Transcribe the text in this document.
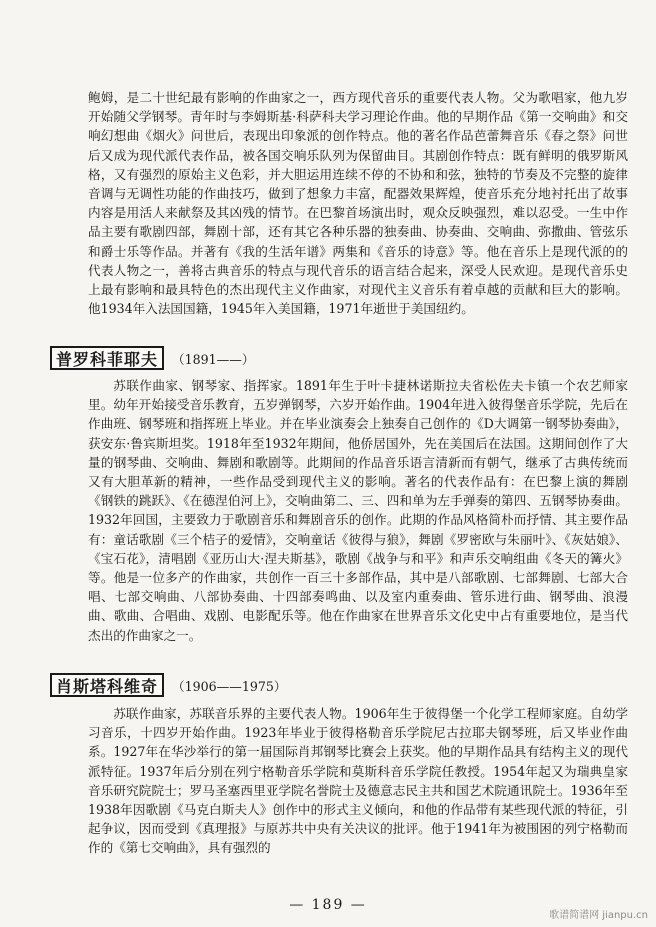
鲍姆，是二十世纪最有影响的作曲家之一，西方现代音乐的重要代表人物。父为歌唱家，他九岁开始随父学钢琴。青年时与李姆斯基·科萨科夫学习理论作曲。他的早期作品《第一交响曲》和交响幻想曲《烟火》问世后，表现出印象派的创作特点。他的著名作品芭蕾舞音乐《春之祭》问世后又成为现代派代表作品，被各国交响乐队列为保留曲目。其剧创作特点：既有鲜明的俄罗斯风格，又有强烈的原始主义色彩，并大胆运用连续不停的不协和和弦，独特的节奏及不完整的旋律音调与无调性功能的作曲技巧，做到了想象力丰富，配器效果辉煌，使音乐充分地衬托出了故事内容是用活人来献祭及其凶残的情节。在巴黎首场演出时，观众反映强烈，难以忍受。一生中作品主要有歌剧四部，舞剧十部，还有其它各种乐器的独奏曲、协奏曲、交响曲、弥撒曲、管弦乐和爵士乐等作品。并著有《我的生活年谱》两集和《音乐的诗意》等。他在音乐上是现代派的的代表人物之一，善将古典音乐的特点与现代音乐的语言结合起来，深受人民欢迎。是现代音乐史上最有影响和最具特色的杰出现代主义作曲家，对现代主义音乐有着卓越的贡献和巨大的影响。他1934年入法国国籍，1945年入美国籍，1971年逝世于美国纽约。

普罗科菲耶夫	（1891——）

苏联作曲家、钢琴家、指挥家。1891年生于叶卡捷林诺斯拉夫省松佐夫卡镇一个农艺师家里。幼年开始接受音乐教育，五岁弹钢琴，六岁开始作曲。1904年进入彼得堡音乐学院，先后在作曲班、钢琴班和指挥班上毕业。并在毕业演奏会上独奏自己创作的《D大调第一钢琴协奏曲》，获安东·鲁宾斯坦奖。1918年至1932年期间，他侨居国外，先在美国后在法国。这期间创作了大量的钢琴曲、交响曲、舞剧和歌剧等。此期间的作品音乐语言清新而有朝气，继承了古典传统而又有大胆革新的精神，一些作品受到现代主义的影响。著名的代表作品有：在巴黎上演的舞剧《钢铁的跳跃》、《在德涅伯河上》，交响曲第二、三、四和单为左手弹奏的第四、五钢琴协奏曲。1932年回国，主要致力于歌剧音乐和舞剧音乐的创作。此期的作品风格简朴而抒情、其主要作品有：童话歌剧《三个桔子的爱情》，交响童话《彼得与狼》，舞剧《罗密欧与朱丽叶》、《灰姑娘》、《宝石花》，清唱剧《亚历山大·涅夫斯基》，歌剧《战争与和平》和声乐交响组曲《冬天的篝火》等。他是一位多产的作曲家，共创作一百三十多部作品，其中是八部歌剧、七部舞剧、七部大合唱、七部交响曲、八部协奏曲、十四部奏鸣曲、以及室内重奏曲、管乐进行曲、钢琴曲、浪漫曲、歌曲、合唱曲、戏剧、电影配乐等。他在作曲家在世界音乐文化史中占有重要地位，是当代杰出的作曲家之一。

肖斯塔科维奇	（1906——1975）

苏联作曲家，苏联音乐界的主要代表人物。1906年生于彼得堡一个化学工程师家庭。自幼学习音乐，十四岁开始作曲。1923年毕业于彼得格勒音乐学院尼古拉耶夫钢琴班，后又毕业作曲系。1927年在华沙举行的第一届国际肖邦钢琴比赛会上获奖。他的早期作品具有结构主义的现代派特征。1937年后分别在列宁格勒音乐学院和莫斯科音乐学院任教授。1954年起又为瑞典皇家音乐研究院院士；罗马圣塞西里亚学院名誉院士及德意志民主共和国艺术院通讯院士。1936年至1938年因歌剧《马克白斯夫人》创作中的形式主义倾向，和他的作品带有某些现代派的特征，引起争议，因而受到《真理报》与原苏共中央有关决议的批评。他于1941年为被围困的列宁格勒而作的《第七交响曲》，具有强烈的

— 189 —
歌谱简谱网 jianpu.cn
